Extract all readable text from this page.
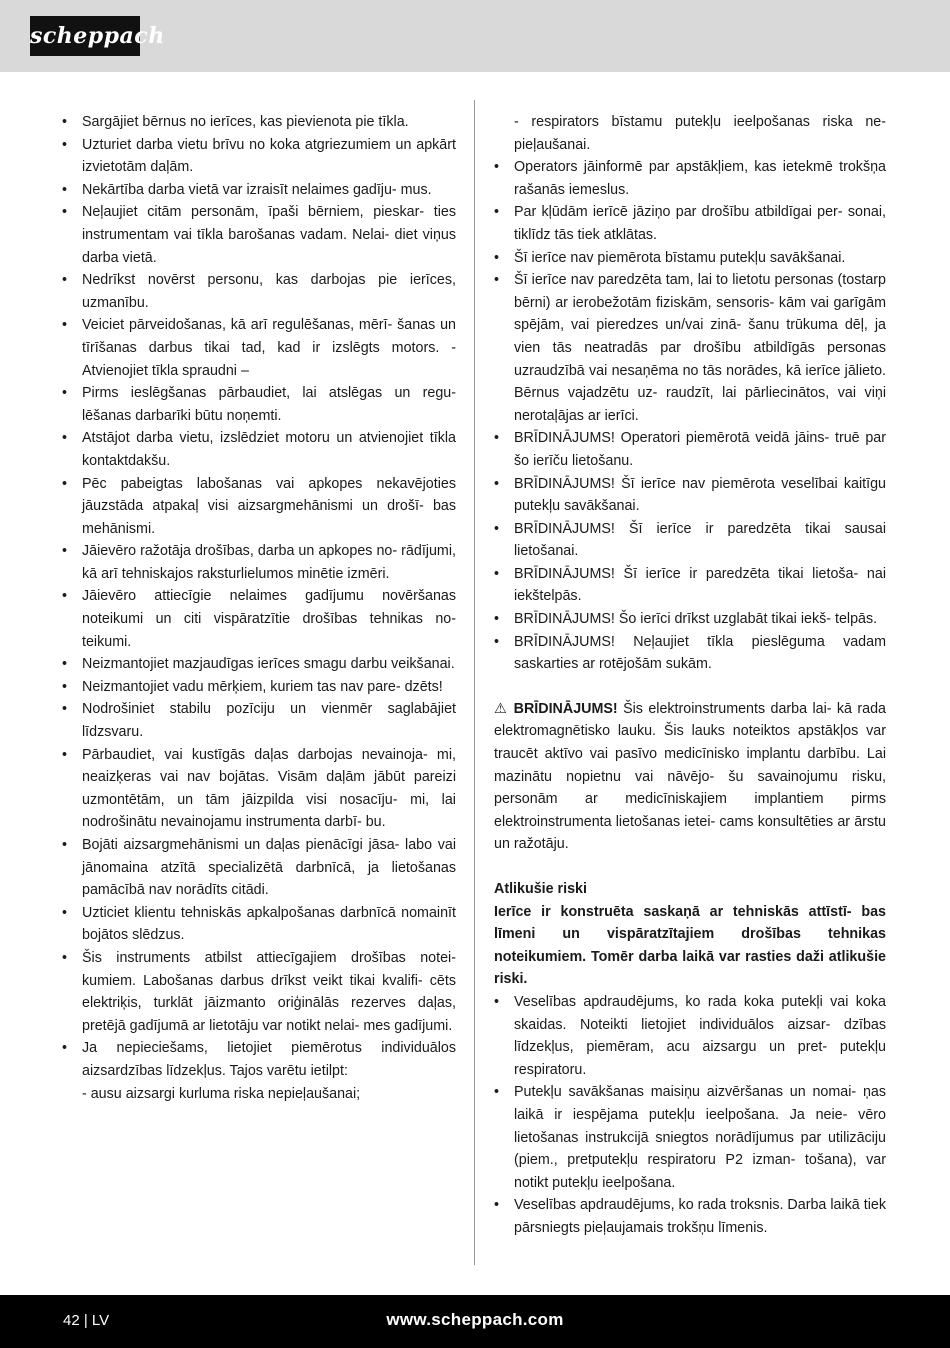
scheppach
• Sargājiet bērnus no ierīces, kas pievienota pie tīkla.
• Uzturiet darba vietu brīvu no koka atgriezumiem un apkārt izvietotām daļām.
• Nekārtība darba vietā var izraisīt nelaimes gadīju- mus.
• Neļaujiet citām personām, īpaši bērniem, pieskar- ties instrumentam vai tīkla barošanas vadam. Nelai- diet viņus darba vietā.
• Nedrīkst novērst personu, kas darbojas pie ierīces, uzmanību.
• Veiciet pārveidošanas, kā arī regulēšanas, mērī- šanas un tīrīšanas darbus tikai tad, kad ir izslēgts motors. - Atvienojiet tīkla spraudni –
• Pirms ieslēgšanas pārbaudiet, lai atslēgas un regu- lēšanas darbarīki būtu noņemti.
• Atstājot darba vietu, izslēdziet motoru un atvienojiet tīkla kontaktdakšu.
• Pēc pabeigtas labošanas vai apkopes nekavējoties jāuzstāda atpakaļ visi aizsargmehānismi un drošī- bas mehānismi.
• Jāievēro ražotāja drošības, darba un apkopes no- rādījumi, kā arī tehniskajos raksturlielumos minētie izmēri.
• Jāievēro attiecīgie nelaimes gadījumu novēršanas noteikumi un citi vispāratzītie drošības tehnikas no- teikumi.
• Neizmantojiet mazjaudīgas ierīces smagu darbu veikšanai.
• Neizmantojiet vadu mērķiem, kuriem tas nav pare- dzēts!
• Nodrošiniet stabilu pozīciju un vienmēr saglabājiet līdzsvaru.
• Pārbaudiet, vai kustīgās daļas darbojas nevainoja- mi, neaizķeras vai nav bojātas. Visām daļām jābūt pareizi uzmontētām, un tām jāizpilda visi nosacīju- mi, lai nodrošinātu nevainojamu instrumenta darbī- bu.
• Bojāti aizsargmehānismi un daļas pienācīgi jāsa- labo vai jānomaina atzītā specializētā darbnīcā, ja lietošanas pamācībā nav norādīts citādi.
• Uzticiet klientu tehniskās apkalpošanas darbnīcā nomainīt bojātos slēdzus.
• Šis instruments atbilst attiecīgajiem drošības notei- kumiem. Labošanas darbus drīkst veikt tikai kvalifi- cēts elektriķis, turklāt jāizmanto oriģinālās rezerves daļas, pretējā gadījumā ar lietotāju var notikt nelai- mes gadījumi.
• Ja nepieciešams, lietojiet piemērotus individuālos aizsardzības līdzekļus. Tajos varētu ietilpt:
- ausu aizsargi kurluma riska nepieļaušanai;
- respirators bīstamu putekļu ieelpošanas riska ne- pieļaušanai.
• Operators jāinformē par apstākļiem, kas ietekmē trokšņa rašanās iemeslus.
• Par kļūdām ierīcē jāziņo par drošību atbildīgai per- sonai, tiklīdz tās tiek atklātas.
• Šī ierīce nav piemērota bīstamu putekļu savākšanai.
• Šī ierīce nav paredzēta tam, lai to lietotu personas (tostarp bērni) ar ierobežotām fiziskām, sensoris- kām vai garīgām spējām, vai pieredzes un/vai zinā- šanu trūkuma dēļ, ja vien tās neatradās par drošību atbildīgās personas uzraudzībā vai nesaņēma no tās norādes, kā ierīce jālieto. Bērnus vajadzētu uz- raudzīt, lai pārliecinātos, vai viņi nerotaļājas ar ierīci.
• BRĪDINĀJUMS! Operatori piemērotā veidā jāins- truē par šo ierīču lietošanu.
• BRĪDINĀJUMS! Šī ierīce nav piemērota veselībai kaitīgu putekļu savākšanai.
• BRĪDINĀJUMS! Šī ierīce ir paredzēta tikai sausai lietošanai.
• BRĪDINĀJUMS! Šī ierīce ir paredzēta tikai lietoša- nai iekštelpās.
• BRĪDINĀJUMS! Šo ierīci drīkst uzglabāt tikai iekš- telpās.
• BRĪDINĀJUMS! Neļaujiet tīkla pieslēguma vadam saskarties ar rotējošām sukām.
⚠ BRĪDINĀJUMS! Šis elektroinstruments darba lai- kā rada elektromagnētisko lauku. Šis lauks noteiktos apstākļos var traucēt aktīvo vai pasīvo medicīnisko implantu darbību. Lai mazinātu nopietnu vai nāvējo- šu savainojumu risku, personām ar medicīniskajiem implantiem pirms elektroinstrumenta lietošanas ietei- cams konsultēties ar ārstu un ražotāju.
Atlikušie riski
Ierīce ir konstruēta saskaņā ar tehniskās attīstī- bas līmeni un vispāratzītajiem drošības tehnikas noteikumiem. Tomēr darba laikā var rasties daži atlikušie riski.
• Veselības apdraudējums, ko rada koka putekļi vai koka skaidas. Noteikti lietojiet individuālos aizsar- dzības līdzekļus, piemēram, acu aizsargu un pret- putekļu respiratoru.
• Putekļu savākšanas maisiņu aizvēršanas un nomai- ņas laikā ir iespējama putekļu ieelpošana. Ja neie- vēro lietošanas instrukcijā sniegtos norādījumus par utilizāciju (piem., pretputekļu respiratoru P2 izman- tošana), var notikt putekļu ieelpošana.
• Veselības apdraudējums, ko rada troksnis. Darba laikā tiek pārsniegts pieļaujamais trokšņu līmenis.
42 | LV	www.scheppach.com
